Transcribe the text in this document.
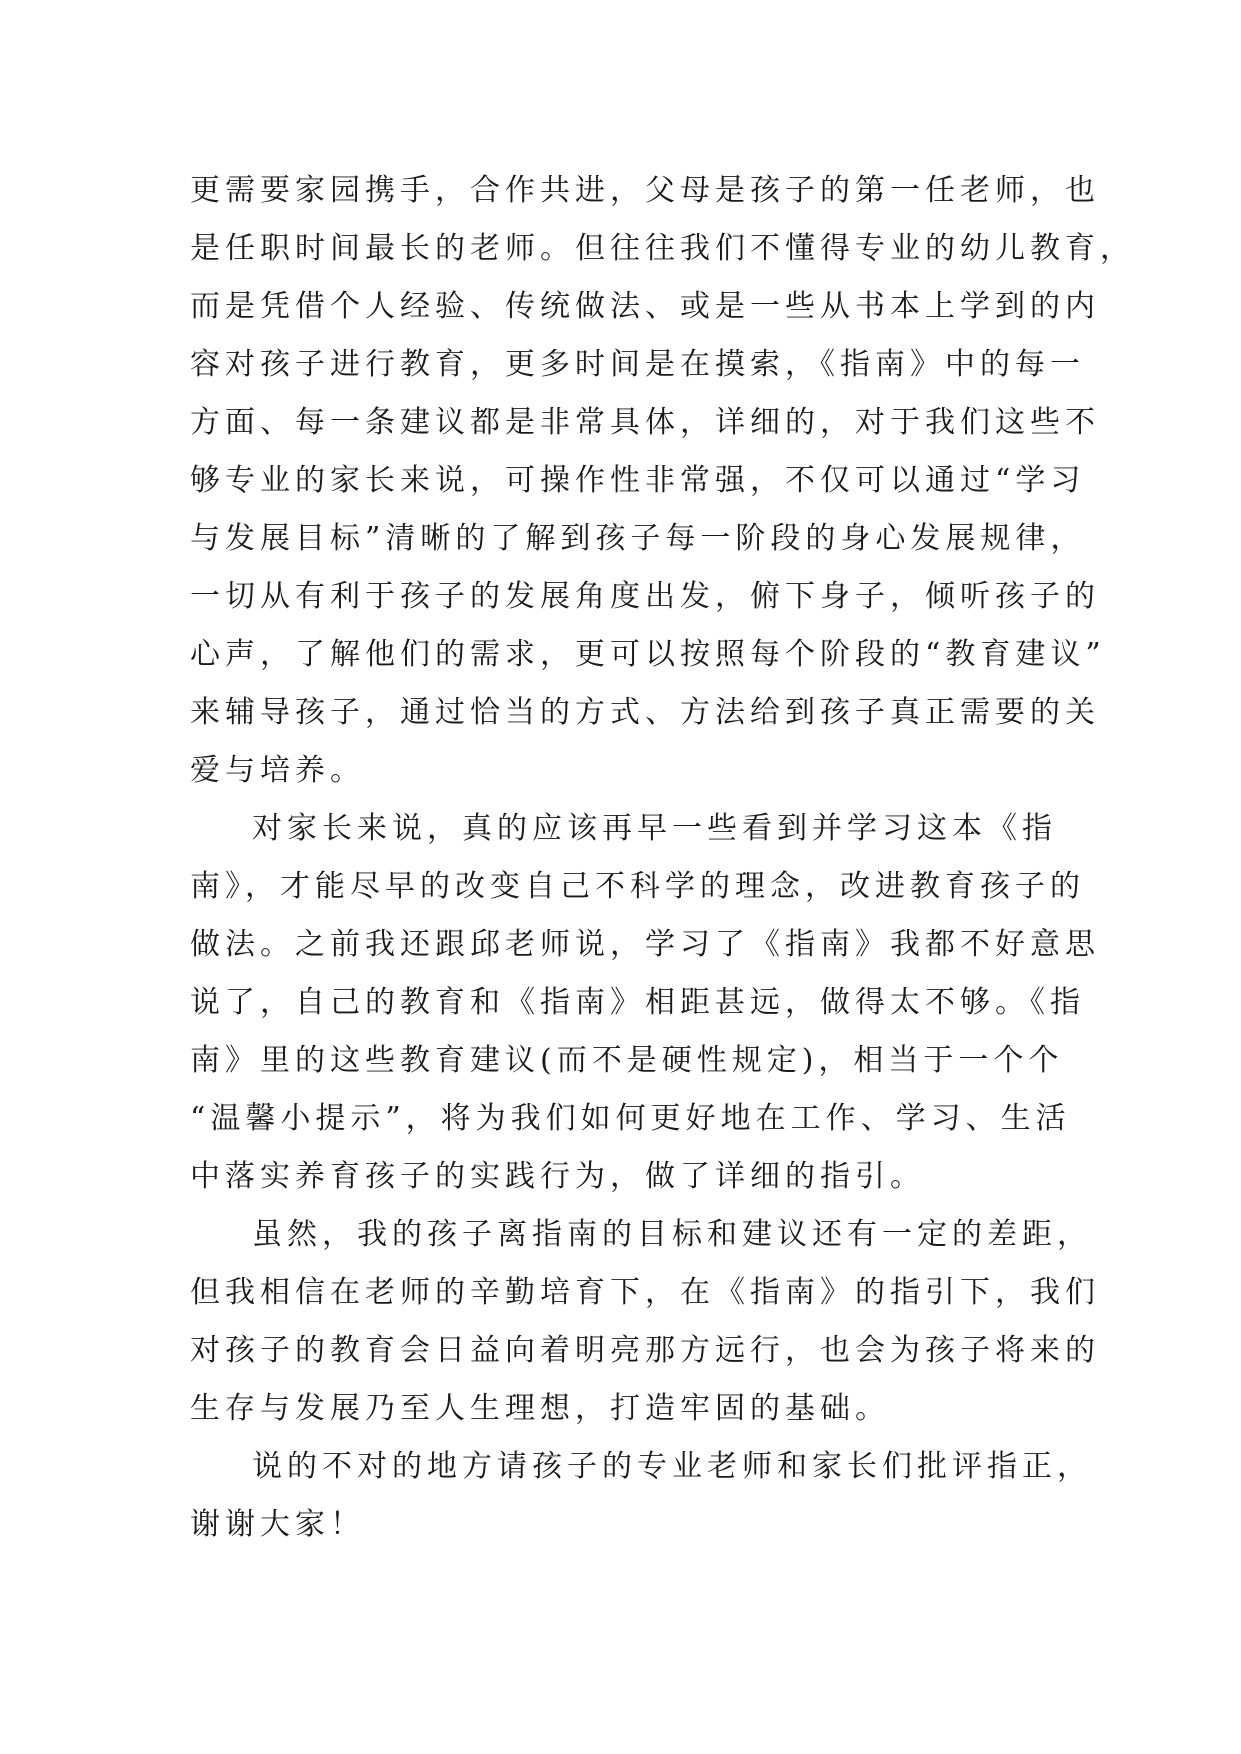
更需要家园携手，合作共进，父母是孩子的第一任老师，也
是任职时间最长的老师。但往往我们不懂得专业的幼儿教育，
而是凭借个人经验、传统做法、或是一些从书本上学到的内
容对孩子进行教育，更多时间是在摸索，《指南》中的每一
方面、每一条建议都是非常具体，详细的，对于我们这些不
够专业的家长来说，可操作性非常强，不仅可以通过“学习
与发展目标”清晰的了解到孩子每一阶段的身心发展规律，
一切从有利于孩子的发展角度出发，俯下身子，倾听孩子的
心声，了解他们的需求，更可以按照每个阶段的“教育建议”
来辅导孩子，通过恰当的方式、方法给到孩子真正需要的关
爱与培养。
对家长来说，真的应该再早一些看到并学习这本《指
南》，才能尽早的改变自己不科学的理念，改进教育孩子的
做法。之前我还跟邱老师说，学习了《指南》我都不好意思
说了，自己的教育和《指南》相距甚远，做得太不够。《指
南》里的这些教育建议(而不是硬性规定)，相当于一个个
“温馨小提示”，将为我们如何更好地在工作、学习、生活
中落实养育孩子的实践行为，做了详细的指引。
虽然，我的孩子离指南的目标和建议还有一定的差距，
但我相信在老师的辛勤培育下，在《指南》的指引下，我们
对孩子的教育会日益向着明亮那方远行，也会为孩子将来的
生存与发展乃至人生理想，打造牢固的基础。
说的不对的地方请孩子的专业老师和家长们批评指正，
谢谢大家！
